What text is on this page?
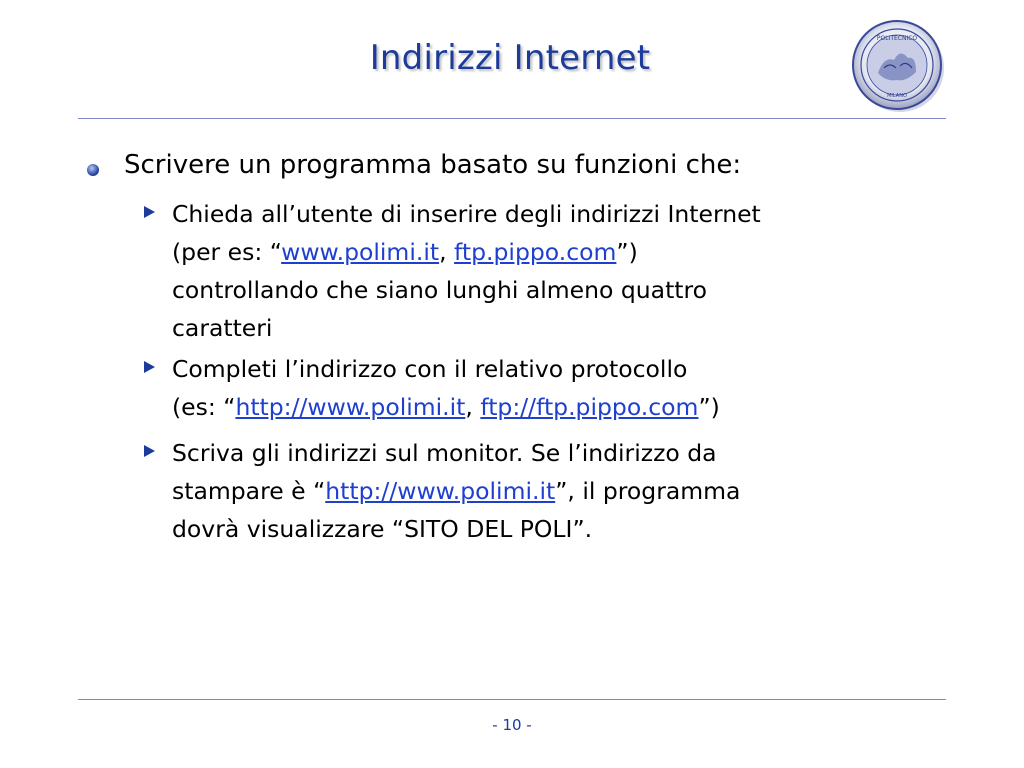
Indirizzi Internet	POLITECNICO
MILANO
Scrivere un programma basato su funzioni che:
Chieda all’utente di inserire degli indirizzi Internet
(per es: “www.polimi.it, ftp.pippo.com”)
controllando che siano lunghi almeno quattro
caratteri
Completi l’indirizzo con il relativo protocollo
(es: “http://www.polimi.it, ftp://ftp.pippo.com”)
Scriva gli indirizzi sul monitor. Se l’indirizzo da
stampare è “http://www.polimi.it”, il programma
dovrà visualizzare “SITO DEL POLI”.
- 10 -
